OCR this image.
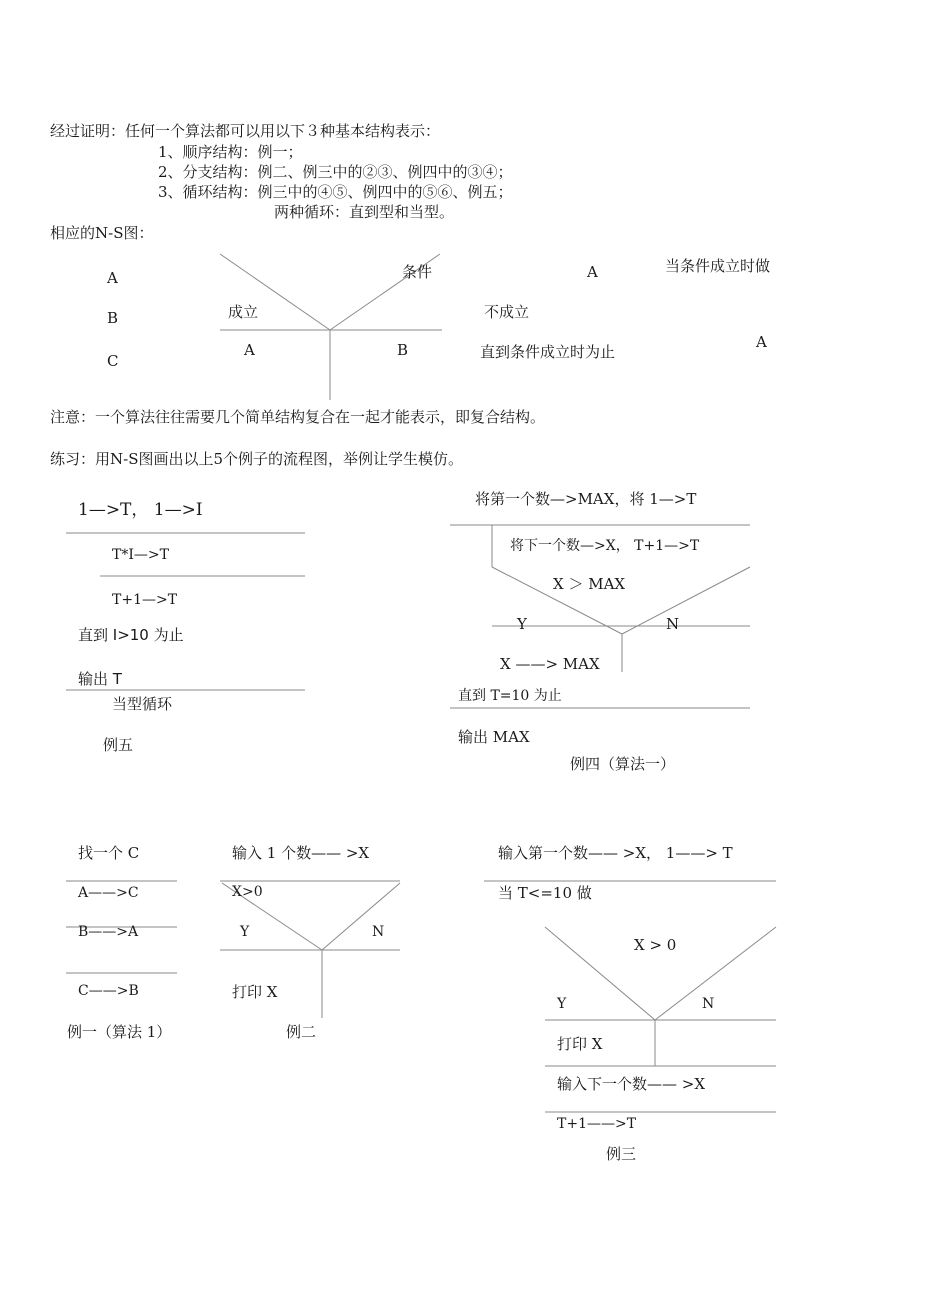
经过证明：任何一个算法都可以用以下３种基本结构表示：
1、顺序结构：例一；
2、分支结构：例二、例三中的②③、例四中的③④；
3、循环结构：例三中的④⑤、例四中的⑤⑥、例五；
两种循环：直到型和当型。
相应的N-S图：
A
B
C
条件
成立	不成立
A	B
A	当条件成立时做
直到条件成立时为止
A
注意：一个算法往往需要几个简单结构复合在一起才能表示，即复合结构。
练习：用N-S图画出以上5个例子的流程图，举例让学生模仿。
1—>T， 1—>I
T*I—>T
T+1—>T
直到 I>10 为止
输出 T
当型循环
例五
将第一个数—>MAX，将 1—>T
将下一个数—>X， T+1—>T
X ＞ MAX
Y	N
X ——> MAX
直到 T=10 为止
输出 MAX
例四（算法一）
找一个 C
A——>C
B——>A
C——>B
例一（算法 1）
输入 1 个数—— >X
X>0
Y	N
打印 X
例二
输入第一个数—— >X， 1——> T
当 T<=10 做
X > 0
Y	N
打印 X
输入下一个数—— >X
T+1——>T
例三
